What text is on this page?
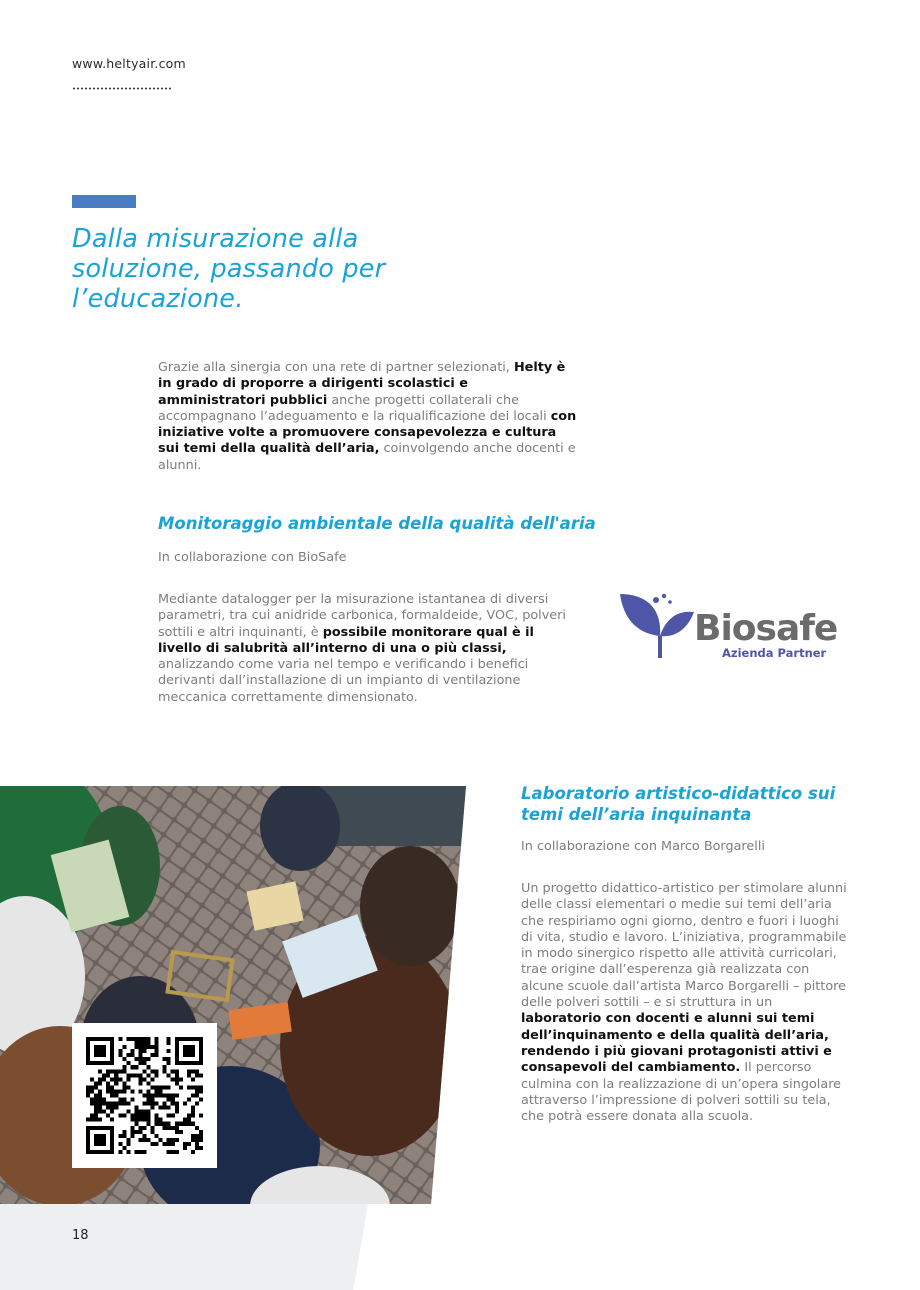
www.heltyair.com
Dalla misurazione alla
soluzione, passando per
l’educazione.

Grazie alla sinergia con una rete di partner selezionati, Helty è in grado di proporre a dirigenti scolastici e amministratori pubblici anche progetti collaterali che accompagnano l’adeguamento e la riqualificazione dei locali con iniziative volte a promuovere consapevolezza e cultura sui temi della qualità dell’aria, coinvolgendo anche docenti e alunni.

Monitoraggio ambientale della qualità dell'aria
In collaborazione con BioSafe

Mediante datalogger per la misurazione istantanea di diversi parametri, tra cui anidride carbonica, formaldeide, VOC, polveri sottili e altri inquinanti, è possibile monitorare qual è il livello di salubrità all’interno di una o più classi, analizzando come varia nel tempo e verificando i benefici derivanti dall’installazione di un impianto di ventilazione meccanica correttamente dimensionato.

Biosafe
Azienda Partner
Laboratorio artistico-didattico sui
temi dell’aria inquinanta
In collaborazione con Marco Borgarelli

Un progetto didattico-artistico per stimolare alunni delle classi elementari o medie sui temi dell’aria che respiriamo ogni giorno, dentro e fuori i luoghi di vita, studio e lavoro. L’iniziativa, programmabile in modo sinergico rispetto alle attività curricolari, trae origine dall’esperenza già realizzata con alcune scuole dall’artista Marco Borgarelli – pittore delle polveri sottili – e si struttura in un laboratorio con docenti e alunni sui temi dell’inquinamento e della qualità dell’aria, rendendo i più giovani protagonisti attivi e consapevoli del cambiamento. Il percorso culmina con la realizzazione di un’opera singolare attraverso l’impressione di polveri sottili su tela, che potrà essere donata alla scuola.

18
